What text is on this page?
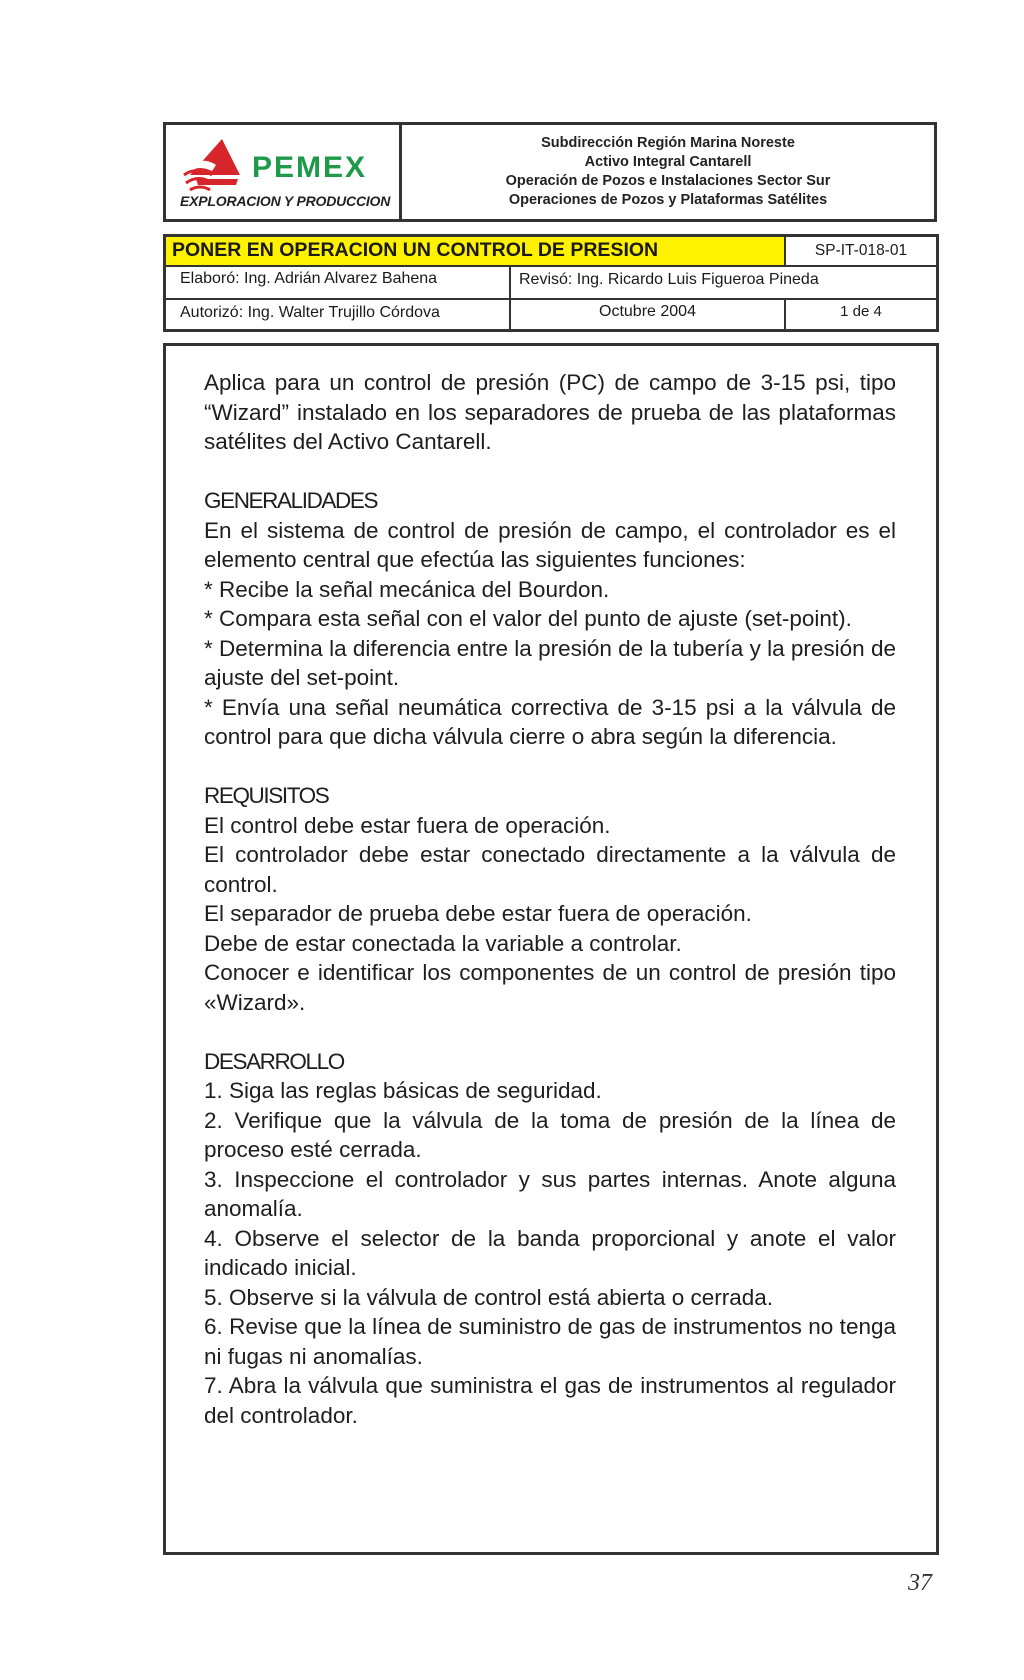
PEMEX
EXPLORACION Y PRODUCCION
Subdirección Región Marina Noreste
Activo Integral Cantarell
Operación de Pozos e Instalaciones Sector Sur
Operaciones de Pozos y Plataformas Satélites
PONER EN OPERACION UN CONTROL DE PRESION	SP-IT-018-01
Elaboró: Ing. Adrián Alvarez Bahena	Revisó: Ing. Ricardo Luis Figueroa Pineda
Autorizó: Ing. Walter Trujillo Córdova	Octubre 2004	1 de 4

Aplica para un control de presión (PC) de campo de 3-15 psi, tipo “Wizard” instalado en los separadores de prueba de las plataformas satélites del Activo Cantarell.

GENERALIDADES

En el sistema de control de presión de campo, el controlador es el elemento central que efectúa las siguientes funciones:

* Recibe la señal mecánica del Bourdon.

* Compara esta señal con el valor del punto de ajuste (set-point).

* Determina la diferencia entre la presión de la tubería y la presión de ajuste del set-point.

* Envía una señal neumática correctiva de 3-15 psi a la válvula de control para que dicha válvula cierre o abra según la diferencia.

REQUISITOS

El control debe estar fuera de operación.

El controlador debe estar conectado directamente a la válvula de control.

El separador de prueba debe estar fuera de operación.

Debe de estar conectada la variable a controlar.

Conocer e identificar los componentes de un control de presión tipo «Wizard».

DESARROLLO

1. Siga las reglas básicas de seguridad.

2. Verifique que la válvula de la toma de presión de la línea de proceso esté cerrada.

3. Inspeccione el controlador y sus partes internas. Anote alguna anomalía.

4. Observe el selector de la banda proporcional y anote el valor indicado inicial.

5. Observe si la válvula de control está abierta o cerrada.

6. Revise que la línea de suministro de gas de instrumentos no tenga ni fugas ni anomalías.

7. Abra la válvula que suministra el gas de instrumentos al regulador del controlador.

37
